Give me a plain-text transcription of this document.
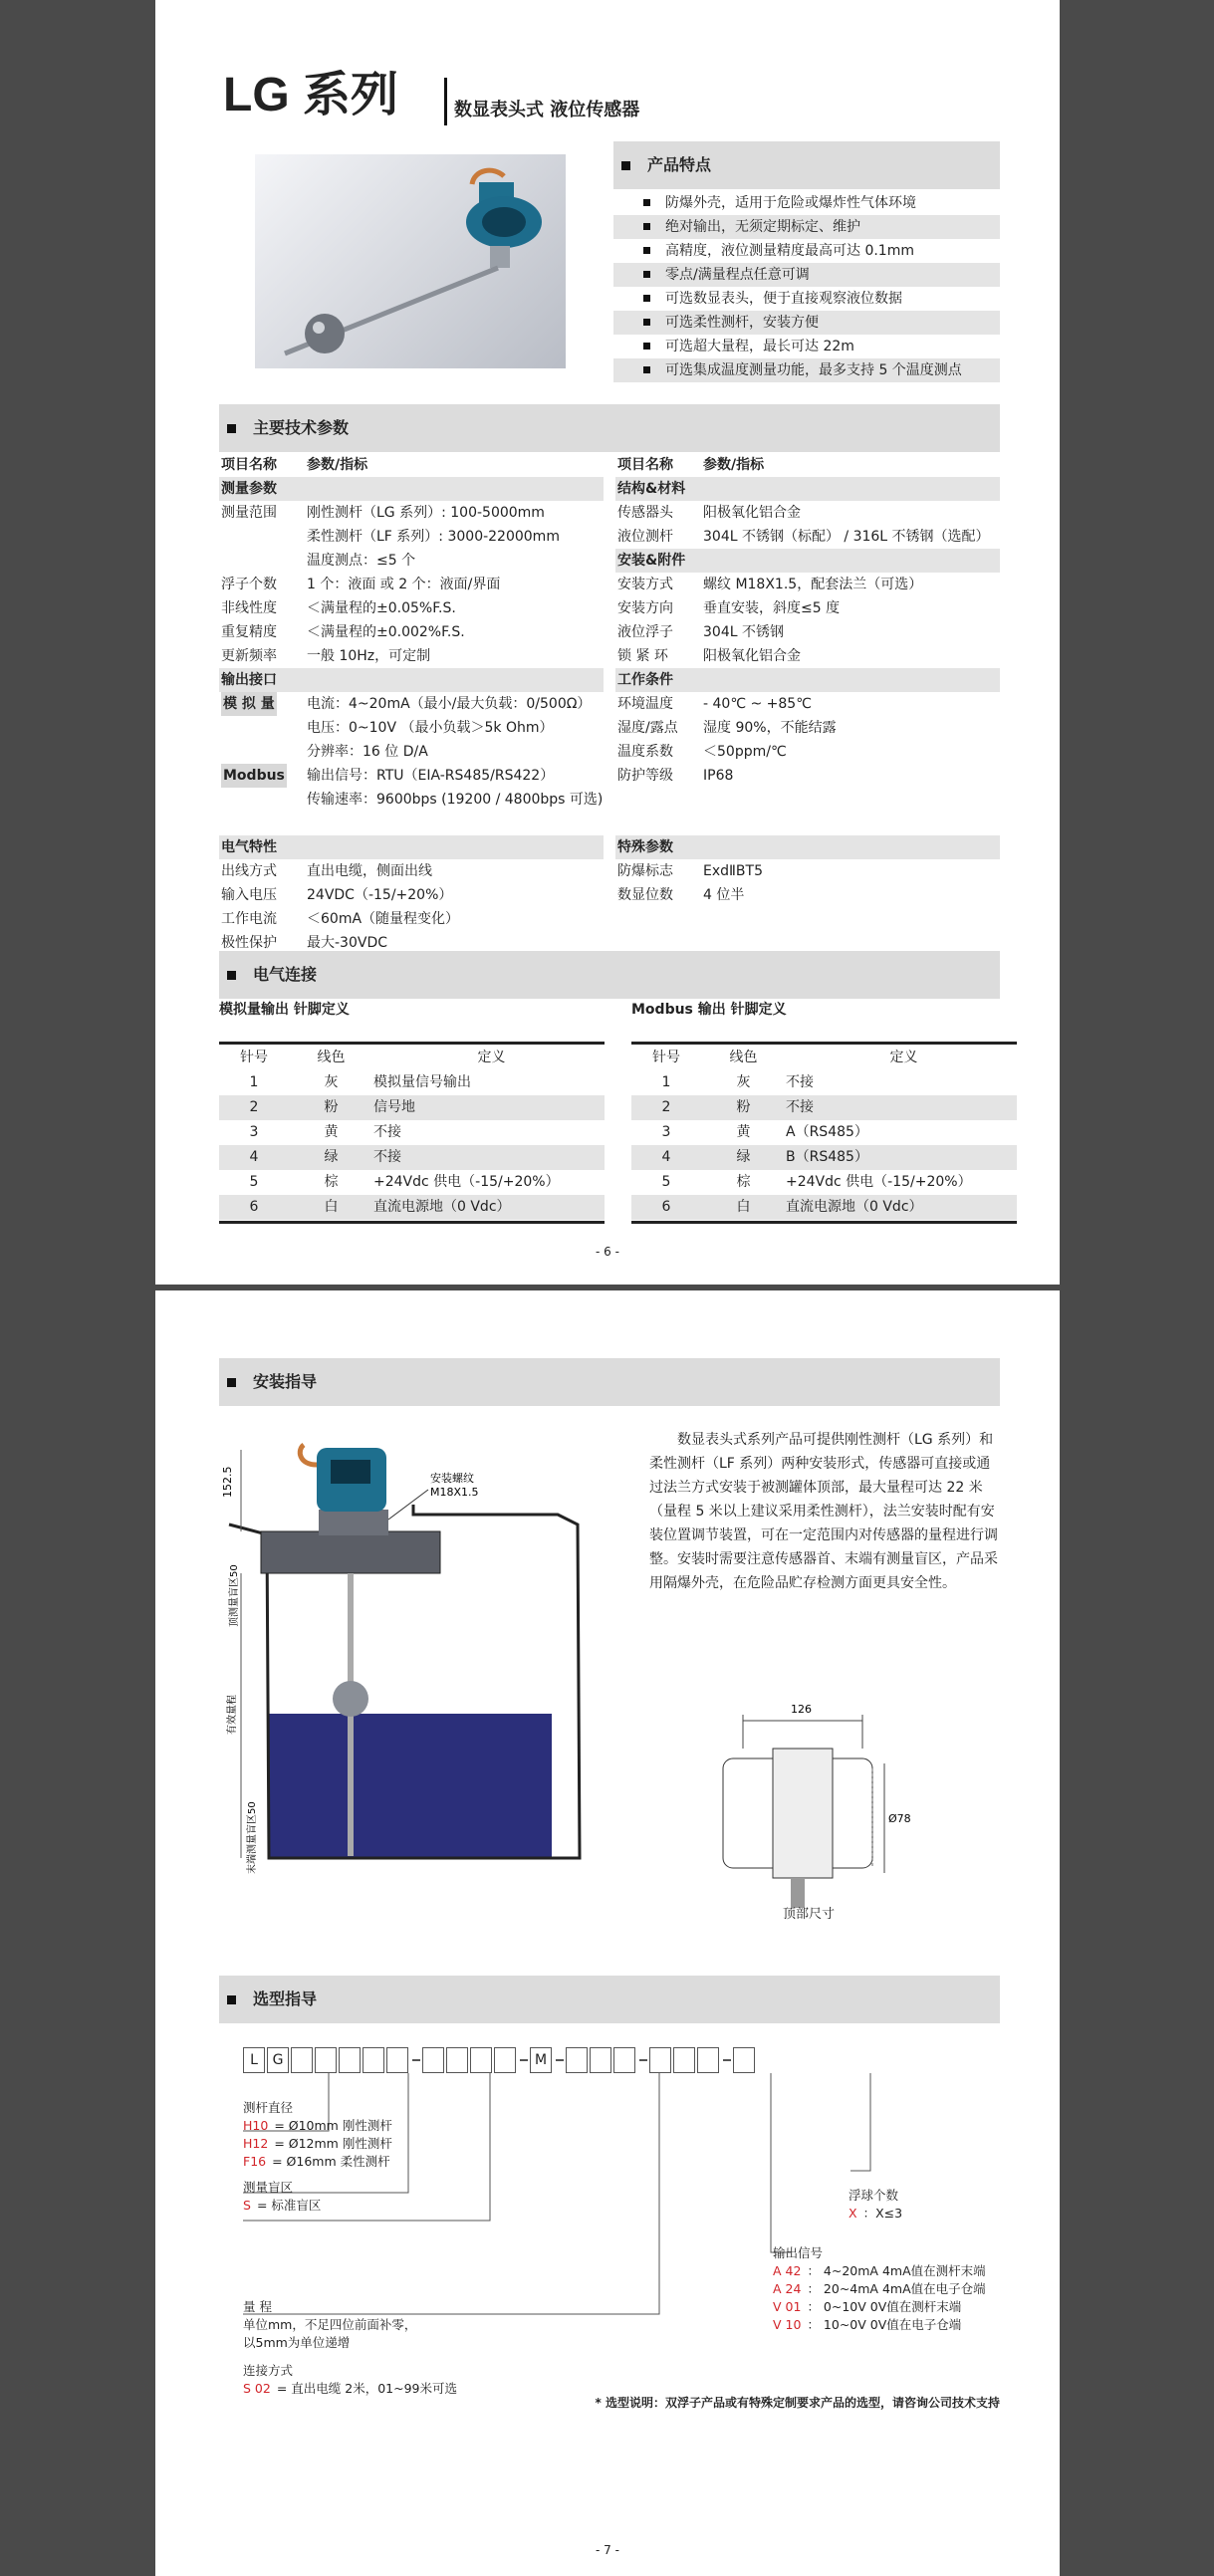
LG 系列	数显表头式 液位传感器
产品特点
防爆外壳，适用于危险或爆炸性气体环境
绝对输出，无须定期标定、维护
高精度，液位测量精度最高可达 0.1mm
零点/满量程点任意可调
可选数显表头，便于直接观察液位数据
可选柔性测杆，安装方便
可选超大量程，最长可达 22m
可选集成温度测量功能，最多支持 5 个温度测点
主要技术参数
项目名称 参数/指标
测量参数
测量范围 刚性测杆（LG 系列）: 100-5000mm
柔性测杆（LF 系列）: 3000-22000mm
温度测点：≤5 个
浮子个数 1 个：液面 或 2 个：液面/界面
非线性度 ＜满量程的±0.05%F.S.
重复精度 ＜满量程的±0.002%F.S.
更新频率 一般 10Hz，可定制
输出接口
模 拟 量 电流：4~20mA（最小/最大负载：0/500Ω）
电压：0~10V （最小负载＞5k Ohm）
分辨率：16 位 D/A
Modbus 输出信号：RTU（EIA-RS485/RS422）
传输速率：9600bps (19200 / 4800bps 可选)
电气特性
出线方式 直出电缆，侧面出线
输入电压 24VDC（-15/+20%）
工作电流 ＜60mA（随量程变化）
极性保护 最大-30VDC
项目名称 参数/指标
结构&材料
传感器头 阳极氧化铝合金
液位测杆 304L 不锈钢（标配） / 316L 不锈钢（选配）
安装&附件
安装方式 螺纹 M18X1.5，配套法兰（可选）
安装方向 垂直安装，斜度≤5 度
液位浮子 304L 不锈钢
锁 紧 环	阳极氧化铝合金
工作条件
环境温度 - 40℃ ~ +85℃
湿度/露点 湿度 90%，不能结露
温度系数 ＜50ppm/℃
防护等级 IP68
特殊参数
防爆标志 ExdⅡBT5
数显位数 4 位半
电气连接
模拟量输出 针脚定义	Modbus 输出 针脚定义
针号	线色	定义
1	灰	模拟量信号输出
2	粉	信号地
3	黄	不接
4	绿	不接
5	棕	+24Vdc 供电（-15/+20%）
6	白	直流电源地（0 Vdc）
针号	线色	定义
1	灰	不接
2	粉	不接
3	黄	A（RS485）
4	绿	B（RS485）
5	棕	+24Vdc 供电（-15/+20%）
6	白	直流电源地（0 Vdc）
- 6 -
安装指导
152.5	安装螺纹
M18X1.5
顶测量盲区50
有效量程
末端测量盲区50
数显表头式系列产品可提供刚性测杆（LG 系列）和柔性测杆（LF 系列）两种安装形式，传感器可直接或通过法兰方式安装于被测罐体顶部，最大量程可达 22 米（量程 5 米以上建议采用柔性测杆），法兰安装时配有安装位置调节装置，可在一定范围内对传感器的量程进行调整。安装时需要注意传感器首、末端有测量盲区，产品采用隔爆外壳，在危险品贮存检测方面更具安全性。
126
Ø78
顶部尺寸
选型指导
L	G	M
测杆直径
H10 = Ø10mm 刚性测杆
H12 = Ø12mm 刚性测杆
F16 = Ø16mm 柔性测杆
测量盲区
S = 标准盲区
量 程
单位mm，不足四位前面补零，
以5mm为单位递增
连接方式
S 02 = 直出电缆 2米，01~99米可选
浮球个数
X ：X≤3
输出信号
A 42 ： 4~20mA 4mA值在测杆末端
A 24 ： 20~4mA 4mA值在电子仓端
V 01 ： 0~10V 0V值在测杆末端
V 10 ： 10~0V 0V值在电子仓端
* 选型说明：双浮子产品或有特殊定制要求产品的选型，请咨询公司技术支持
- 7 -
